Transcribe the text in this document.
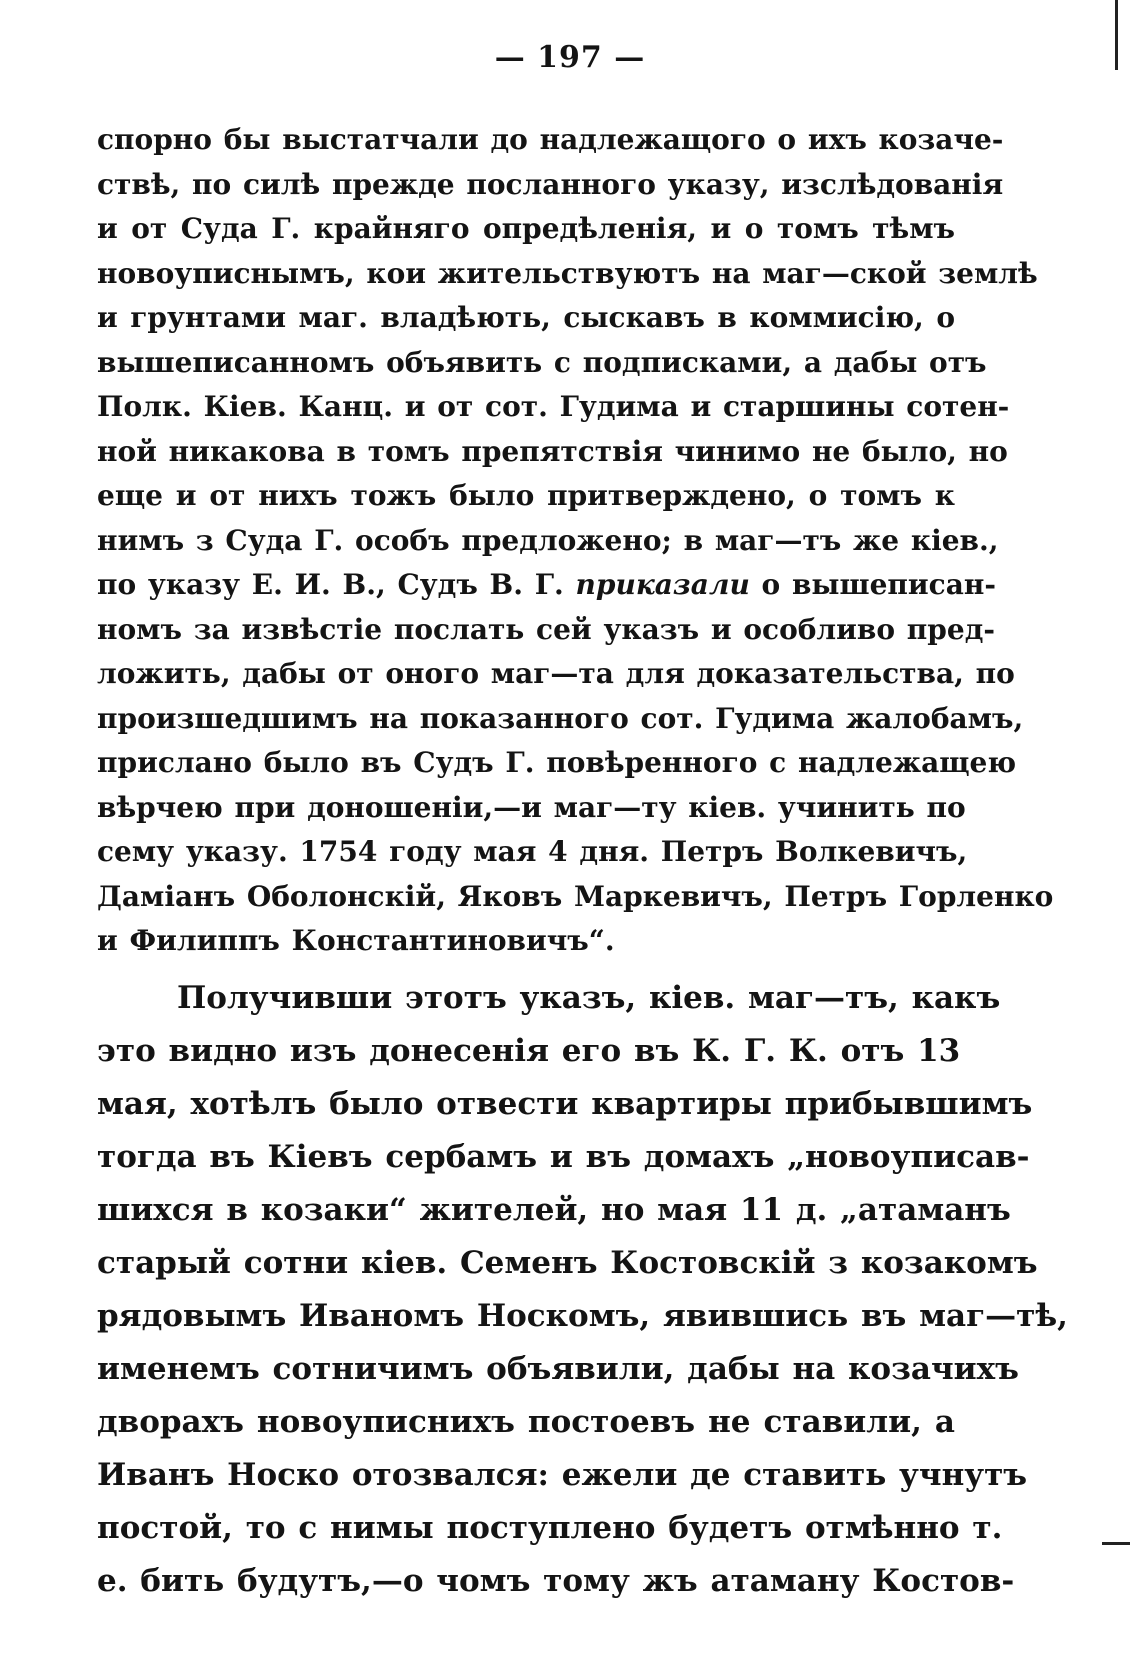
— 197 —
спорно бы выстатчали до надлежащого о ихъ козаче-
ствѣ, по силѣ прежде посланного указу, изслѣдованія
и от Суда Г. крайняго опредѣленія, и о томъ тѣмъ
новоуписнымъ, кои жительствуютъ на маг—ской землѣ
и грунтами маг. владѣють, сыскавъ в коммисію, о
вышеписанномъ объявить с подписками, а дабы отъ
Полк. Кіев. Канц. и от сот. Гудима и старшины сотен-
ной никакова в томъ препятствія чинимо не было, но
еще и от нихъ тожъ было притверждено, о томъ к
нимъ з Суда Г. особъ предложено; в маг—тъ же кіев.,
по указу Е. И. В., Судъ В. Г. приказали о вышеписан-
номъ за извѣстіе послать сей указъ и особливо пред-
ложить, дабы от оного маг—та для доказательства, по
произшедшимъ на показанного сот. Гудима жалобамъ,
прислано было въ Судъ Г. повѣренного с надлежащею
вѣрчею при доношеніи,—и маг—ту кіев. учинить по
сему указу. 1754 году мая 4 дня. Петръ Волкевичъ,
Даміанъ Оболонскій, Яковъ Маркевичъ, Петръ Горленко
и Филиппъ Константиновичъ“.
Получивши этотъ указъ, кіев. маг—тъ, какъ
это видно изъ донесенія его въ К. Г. К. отъ 13
мая, хотѣлъ было отвести квартиры прибывшимъ
тогда въ Кіевъ сербамъ и въ домахъ „новоуписав-
шихся в козаки“ жителей, но мая 11 д. „атаманъ
старый сотни кіев. Семенъ Костовскій з козакомъ
рядовымъ Иваномъ Носкомъ, явившись въ маг—тѣ,
именемъ сотничимъ объявили, дабы на козачихъ
дворахъ новоуписнихъ постоевъ не ставили, а
Иванъ Носко отозвался: ежели де ставить учнутъ
постой, то с нимы поступлено будетъ отмѣнно т.
е. бить будутъ,—о чомъ тому жъ атаману Костов-
